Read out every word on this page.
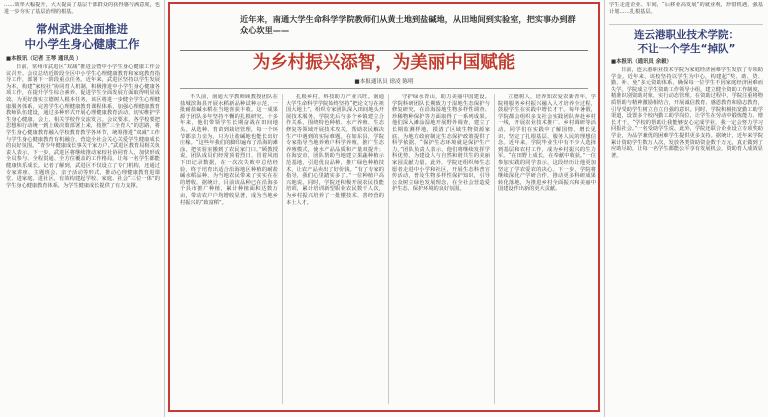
……效率大幅提升，大大提高了基层干部群众的获得感与满意度，也进一步夯实了基层治理的根基。
常州武进全面推进
中小学生身心健康工作
■本报讯（记者 王琴 通讯员 ）
日前，常州市武进区“双减”推进会暨中小学生身心健康工作会议召开。会议总结近阶段全区中小学生心理健康教育和家庭教育指导工作，部署下一阶段重点任务。近年来，武进区坚持以学生发展为本，构建“家校社”协同育人机制，积极推进中小学生身心健康各项工作，在提升学生综合素养、促进学生全面发展方面取得明显成效。为更好落实立德树人根本任务，该区将进一步健全学生心理健康服务体系，完善学生心理健康教育课程体系，加强心理健康教育教师队伍建设，通过多种形式开展心理健康教育活动，切实维护学生身心健康。会上，相关学校作交流发言。会议要求，各学校要把思想和行动统一到上级决策部署上来，按照“三全育人”的思路，将学生身心健康教育融入学校教育教学各环节，统筹推进“双减”工作与学生身心健康教育有机融合，营造全社会关心关爱学生健康成长的良好氛围。“青少年健康成长事关千家万户。”武进区教育局相关负责人表示，下一步，武进区将继续推动家校社协同育人，加快形成全员参与、全程贯通、全方位覆盖的工作格局，让每一名学生都能健康快乐成长。记者了解到，武进区不仅设立了专门机构，还通过专家讲座、主题班会、亲子活动等形式，推动心理健康教育进课堂、进家庭、进社区，有效构建起学校、家庭、社会“三位一体”的学生身心健康教育体系，为学生健康成长提供了有力支撑。
近年来，南通大学生命科学学院教师们从黄土地到盐碱地，从田地间到实验室，把实事办到群众心坎里——
为乡村振兴添智，为美丽中国赋能
■本报通讯员 徐凌 陈明
不久前，南通大学教师顾教授团队在盐城滨海县开展水稻新品种试种示范，一批耐盐碱水稻在当地喜获丰收。这一成果源于团队多年坚持不懈的扎根研究。十多年来，他们带领学生长期奋战在田间地头，从选种、育苗到栽培管理，每一个环节都亲力亲为，只为让盐碱地也能长出好庄稼。“这些年我们的脚印遍布了沿海的滩涂，把实验室搬到了农民家门口。”顾教授说。团队成员们经常顶着烈日、冒着风雨下田记录数据，在一次次失败中总结经验，终于培育出适合沿海地区种植的耐盐碱水稻品种，为当地农民带来了实实在在的增收。据统计，目前该品种已在沿海多个县市推广种植，累计种植面积达数万亩，带动农户户均增收显著，成为当地乡村振兴的“致富稻”。
扎根乡村，科技助力产业兴旺。南通大学生命科学学院始终坚持“把论文写在祖国大地上”，组织专家团队深入田间地头开展技术服务。学院先后与多个乡镇建立合作关系，围绕特色种植、水产养殖、生态修复等领域开展技术攻关，帮助农民解决生产中遇到的实际难题。在如东县，学院专家指导当地养殖户科学养殖，推广生态养殖模式，使水产品品质和产量双提升；在海安市，团队帮助当地建立果蔬种植示范基地，引进优良品种，推广绿色种植技术，让农产品卖出了好价钱。“有了专家的指导，我们心里踏实多了。”一位种植户高兴地说。同时，学院还积极开展农民技能培训，累计培训新型职业农民数千人次，为乡村振兴培养了一批懂技术、善经营的本土人才。
守护绿水青山，助力美丽中国建设。学院科研团队长期致力于湿地生态保护与修复研究，在沿海湿地生物多样性调查、珍稀物种保护等方面取得了一系列成果。他们深入滩涂湿地开展野外调查，建立了长期监测样地，摸清了区域生物资源家底，为地方政府制定生态保护政策提供了科学依据。“保护生态环境就是保护生产力。”团队负责人表示，他们将继续发挥学科优势，为建设人与自然和谐共生的美丽家园贡献力量。此外，学院还组织师生志愿者走进中小学和社区，开展生态科普宣传活动，普及生物多样性保护知识，引导公众树立绿色发展理念，在全社会营造爱护生态、保护环境的良好氛围。
立德树人，培养知农爱农新青年。学院将服务乡村振兴融入人才培养全过程，鼓励学生在实践中增长才干。每年暑假，学院都会组织多支社会实践团队奔赴乡村一线，开展农业技术推广、乡村调研等活动。同学们在实践中了解国情、增长见识，坚定了扎根基层、服务人民的理想信念。近年来，学院毕业生中有不少人选择到基层和农村工作，成为乡村振兴的生力军。“在田野上成长，在奉献中收获。”一位参加实践的同学表示，这段经历让他更加坚定了学农爱农的决心。下一步，学院将继续深化产学研合作，推动更多科研成果转化落地，为推进乡村全面振兴和美丽中国建设作出新的更大贡献。
学生走进企业、车间，“后移业高发展”的就业观，珍惜机遇，强基计划……扎根基层。
连云港职业技术学院：
不让一个学生“掉队”
■本报讯（通讯员 余毅）
日前，连云港职业技术学院为家庭经济困难学生发放了专项助学金。近年来，该校坚持以学生为中心，构建起“奖、助、贷、勤、补、免”多元资助体系，确保每一位学生不因家庭经济困难而失学。学院成立学生资助工作领导小组，建立健全资助工作制度，精准识别资助对象，实行动态管理。在资助过程中，学院注重将物质帮助与精神激励相结合，开展诚信教育、感恩教育和励志教育，引导受助学生树立自立自强的意识。同时，学院积极拓宽勤工助学渠道，设置多个校内勤工助学岗位，让学生在劳动中锻炼能力、增长才干。“学校的帮助让我能够安心完成学业，我一定会努力学习回报社会。”一名受助学生说。此外，学院还联合企业设立专项奖助学金，为品学兼优的困难学生提供更多支持。据统计，近年来学院累计资助学生数万人次，发放各类资助资金数千万元，真正做到了应助尽助，让每一名学生都能公平享有发展机会，资助育人成效显著。
